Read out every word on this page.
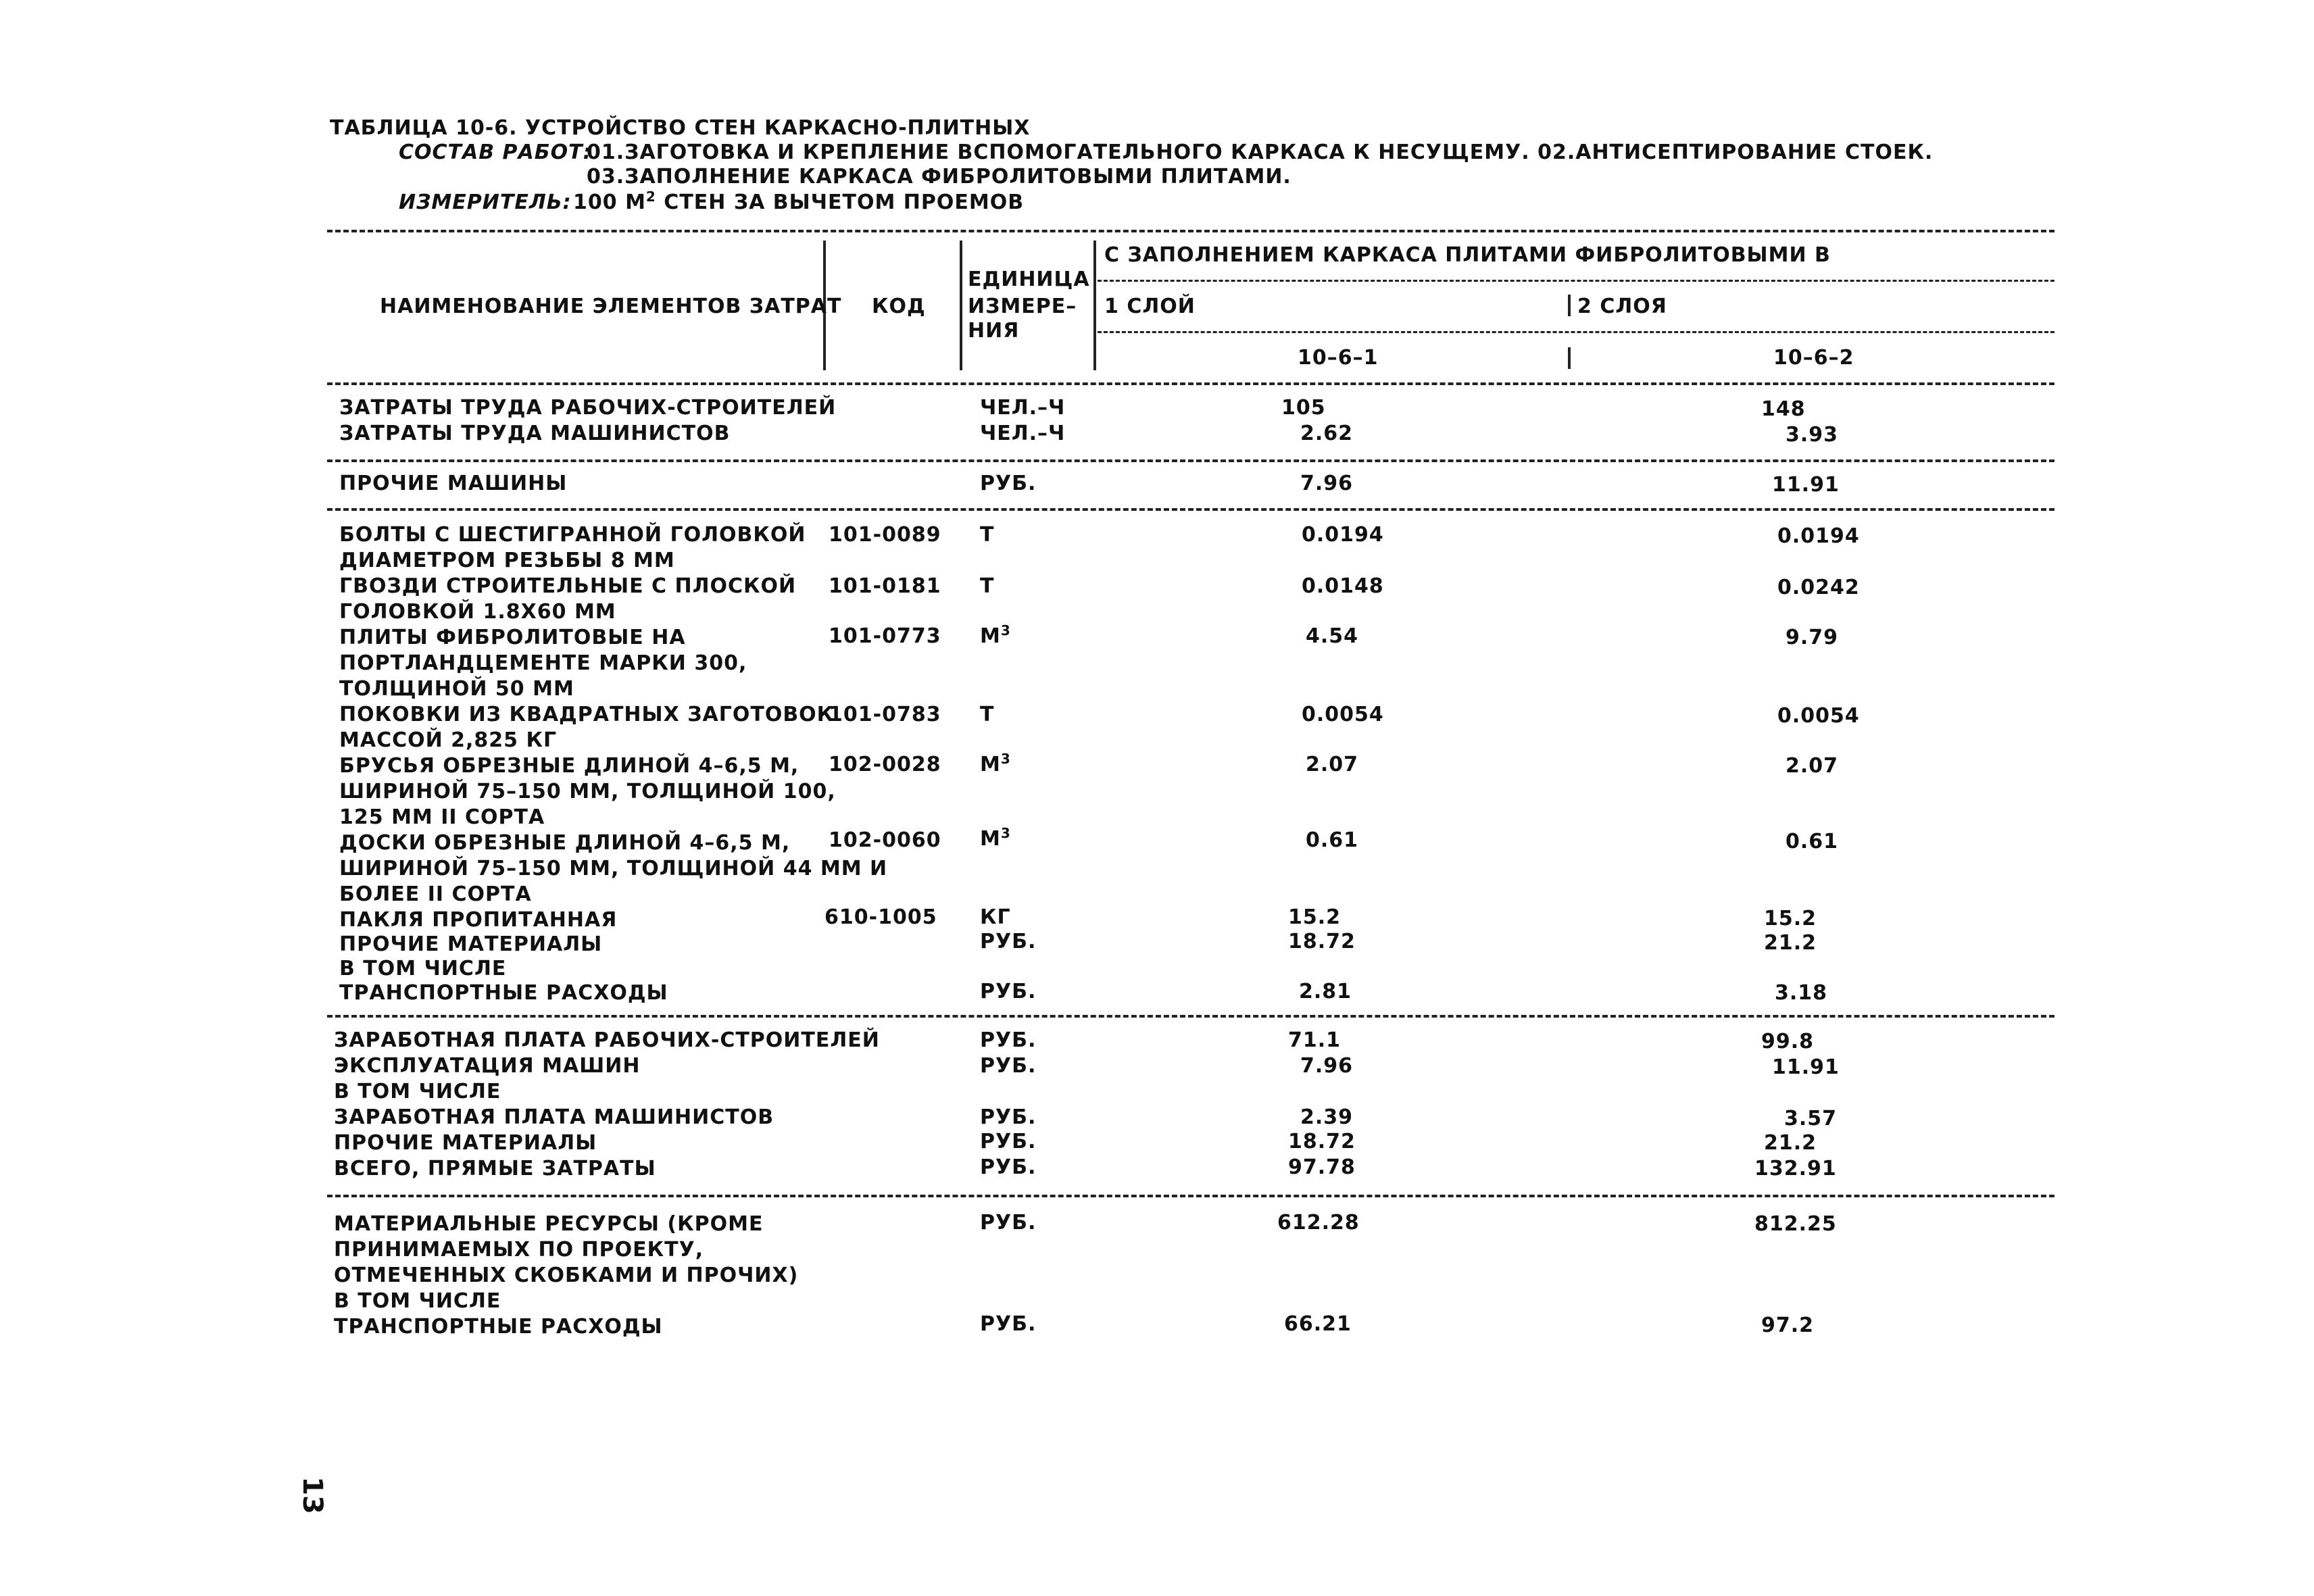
ТАБЛИЦА 10-6. УСТРОЙСТВО СТЕН КАРКАСНО-ПЛИТНЫХ
СОСТАВ РАБОТ:
01.ЗАГОТОВКА И КРЕПЛЕНИЕ ВСПОМОГАТЕЛЬНОГО КАРКАСА К НЕСУЩЕМУ. 02.АНТИСЕПТИРОВАНИЕ СТОЕК.
03.ЗАПОЛНЕНИЕ КАРКАСА ФИБРОЛИТОВЫМИ ПЛИТАМИ.
ИЗМЕРИТЕЛЬ: 100 $М^2$ СТЕН ЗА ВЫЧЕТОМ ПРОЕМОВ
НАИМЕНОВАНИЕ ЭЛЕМЕНТОВ ЗАТРАТ КОД
ЕДИНИЦА
ИЗМЕРЕ–
НИЯ
С ЗАПОЛНЕНИЕМ КАРКАСА ПЛИТАМИ ФИБРОЛИТОВЫМИ В
1 СЛОЙ	2 СЛОЯ
10–6–1	10–6–2
ЗАТРАТЫ ТРУДА РАБОЧИХ-СТРОИТЕЛЕЙ	ЧЕЛ.–Ч	105	148
ЗАТРАТЫ ТРУДА МАШИНИСТОВ	ЧЕЛ.–Ч	2.62	3.93
ПРОЧИЕ МАШИНЫ	РУБ.	7.96	11.91
БОЛТЫ С ШЕСТИГРАННОЙ ГОЛОВКОЙ
ДИАМЕТРОМ РЕЗЬБЫ 8 ММ
101-0089 Т	0.0194	0.0194
ГВОЗДИ СТРОИТЕЛЬНЫЕ С ПЛОСКОЙ
ГОЛОВКОЙ 1.8X60 ММ
101-0181 Т	0.0148	0.0242
ПЛИТЫ ФИБРОЛИТОВЫЕ НА
ПОРТЛАНДЦЕМЕНТЕ МАРКИ 300,
ТОЛЩИНОЙ 50 ММ
101-0773 $М^3$	4.54	9.79
ПОКОВКИ ИЗ КВАДРАТНЫХ ЗАГОТОВОК
МАССОЙ 2,825 КГ
101-0783 Т	0.0054	0.0054
БРУСЬЯ ОБРЕЗНЫЕ ДЛИНОЙ 4–6,5 М,
ШИРИНОЙ 75–150 ММ, ТОЛЩИНОЙ 100,
125 ММ II СОРТА
102-0028 $М^3$	2.07	2.07
ДОСКИ ОБРЕЗНЫЕ ДЛИНОЙ 4–6,5 М,
ШИРИНОЙ 75–150 ММ, ТОЛЩИНОЙ 44 ММ И
БОЛЕЕ II СОРТА
102-0060 $М^3$	0.61	0.61
ПАКЛЯ ПРОПИТАННАЯ	610-1005 КГ	15.2	15.2
ПРОЧИЕ МАТЕРИАЛЫ	РУБ.	18.72	21.2
В ТОМ ЧИСЛЕ
ТРАНСПОРТНЫЕ РАСХОДЫ	РУБ.	2.81	3.18
ЗАРАБОТНАЯ ПЛАТА РАБОЧИХ-СТРОИТЕЛЕЙ	РУБ.	71.1	99.8
ЭКСПЛУАТАЦИЯ МАШИН	РУБ.	7.96	11.91
В ТОМ ЧИСЛЕ
ЗАРАБОТНАЯ ПЛАТА МАШИНИСТОВ	РУБ.	2.39	3.57
ПРОЧИЕ МАТЕРИАЛЫ	РУБ.	18.72	21.2
ВСЕГО, ПРЯМЫЕ ЗАТРАТЫ	РУБ.	97.78	132.91
МАТЕРИАЛЬНЫЕ РЕСУРСЫ (КРОМЕ
ПРИНИМАЕМЫХ ПО ПРОЕКТУ,
ОТМЕЧЕННЫХ СКОБКАМИ И ПРОЧИХ)
РУБ.	612.28	812.25
В ТОМ ЧИСЛЕ
ТРАНСПОРТНЫЕ РАСХОДЫ	РУБ.	66.21	97.2
13
